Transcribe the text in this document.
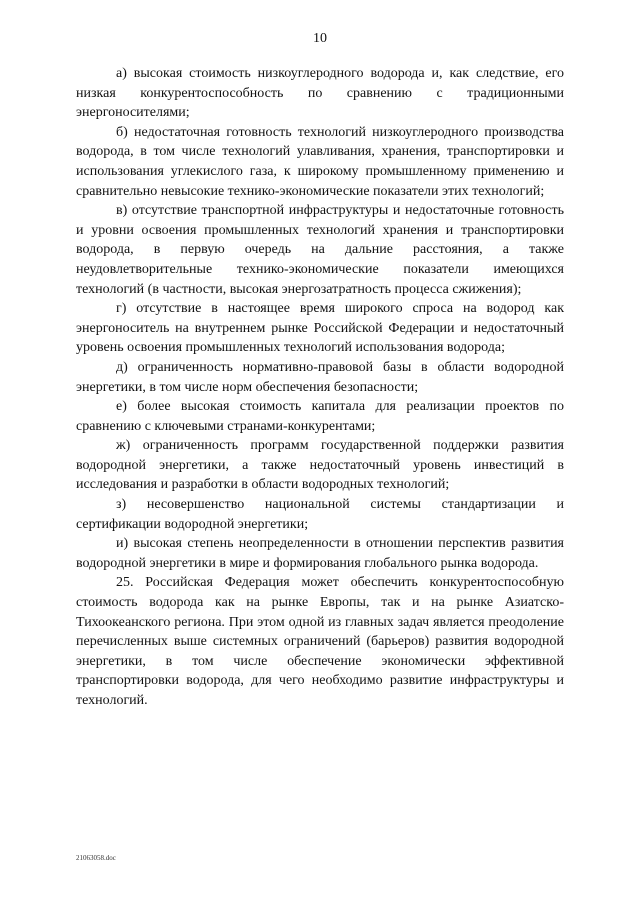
10

а) высокая стоимость низкоуглеродного водорода и, как следствие, его низкая конкурентоспособность по сравнению с традиционными энергоносителями;

б) недостаточная готовность технологий низкоуглеродного производства водорода, в том числе технологий улавливания, хранения, транспортировки и использования углекислого газа, к широкому промышленному применению и сравнительно невысокие технико-экономические показатели этих технологий;

в) отсутствие транспортной инфраструктуры и недостаточные готовность и уровни освоения промышленных технологий хранения и транспортировки водорода, в первую очередь на дальние расстояния, а также неудовлетворительные технико-экономические показатели имеющихся технологий (в частности, высокая энергозатратность процесса сжижения);

г) отсутствие в настоящее время широкого спроса на водород как энергоноситель на внутреннем рынке Российской Федерации и недостаточный уровень освоения промышленных технологий использования водорода;

д) ограниченность нормативно-правовой базы в области водородной энергетики, в том числе норм обеспечения безопасности;

е) более высокая стоимость капитала для реализации проектов по сравнению с ключевыми странами-конкурентами;

ж) ограниченность программ государственной поддержки развития водородной энергетики, а также недостаточный уровень инвестиций в исследования и разработки в области водородных технологий;

з) несовершенство национальной системы стандартизации и сертификации водородной энергетики;

и) высокая степень неопределенности в отношении перспектив развития водородной энергетики в мире и формирования глобального рынка водорода.

25. Российская Федерация может обеспечить конкурентоспособную стоимость водорода как на рынке Европы, так и на рынке Азиатско-Тихоокеанского региона. При этом одной из главных задач является преодоление перечисленных выше системных ограничений (барьеров) развития водородной энергетики, в том числе обеспечение экономически эффективной транспортировки водорода, для чего необходимо развитие инфраструктуры и технологий.

21063058.doc
